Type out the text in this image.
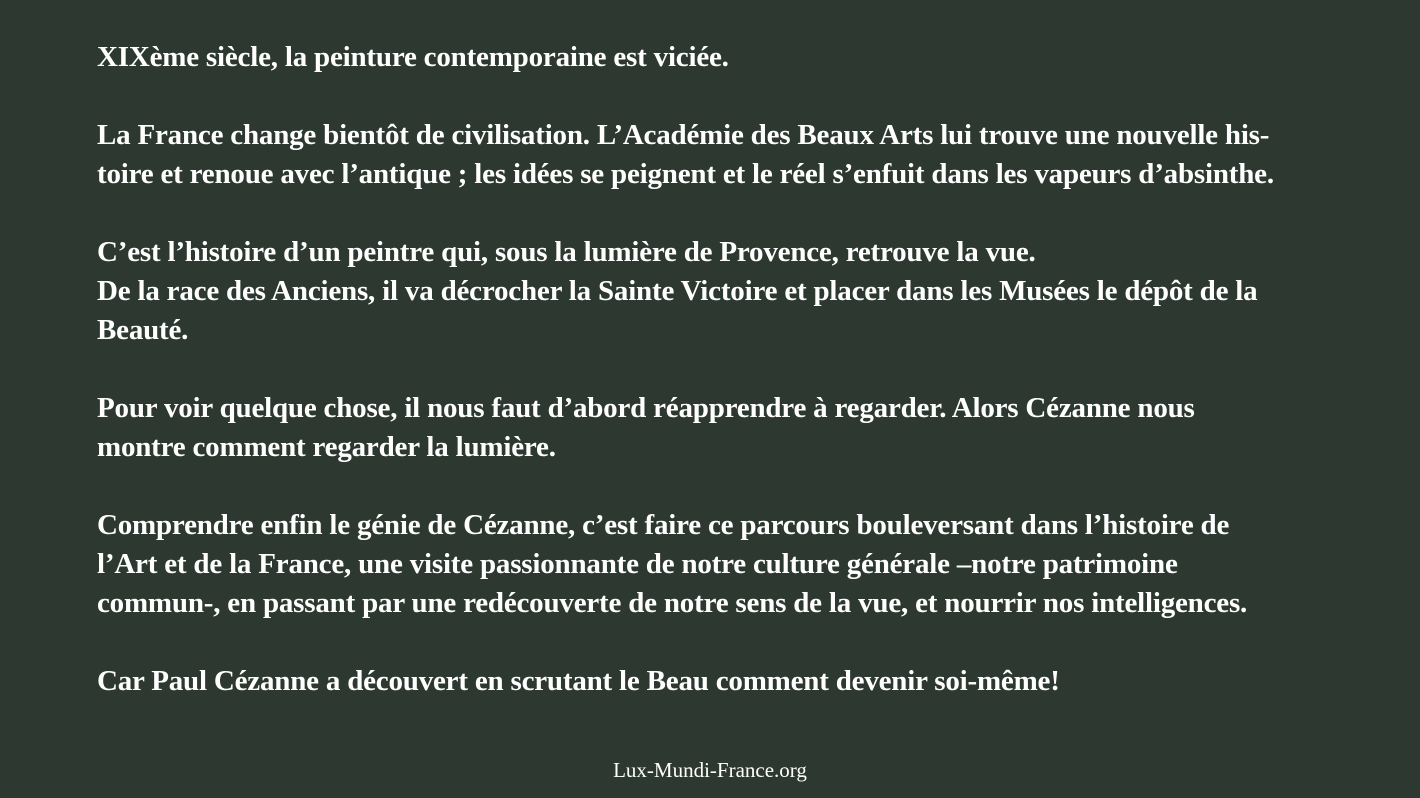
XIXème siècle, la peinture contemporaine est viciée.

La France change bientôt de civilisation. L’Académie des Beaux Arts lui trouve une nouvelle his-
toire et renoue avec l’antique ; les idées se peignent et le réel s’enfuit dans les vapeurs d’absinthe.

C’est l’histoire d’un peintre qui, sous la lumière de Provence, retrouve la vue.
De la race des Anciens, il va décrocher la Sainte Victoire et placer dans les Musées le dépôt de la
Beauté.

Pour voir quelque chose, il nous faut d’abord réapprendre à regarder. Alors Cézanne nous
montre comment regarder la lumière.

Comprendre enfin le génie de Cézanne, c’est faire ce parcours bouleversant dans l’histoire de
l’Art et de la France, une visite passionnante de notre culture générale –notre patrimoine
commun-, en passant par une redécouverte de notre sens de la vue, et nourrir nos intelligences.

Car Paul Cézanne a découvert en scrutant le Beau comment devenir soi-même!

Lux-Mundi-France.org
